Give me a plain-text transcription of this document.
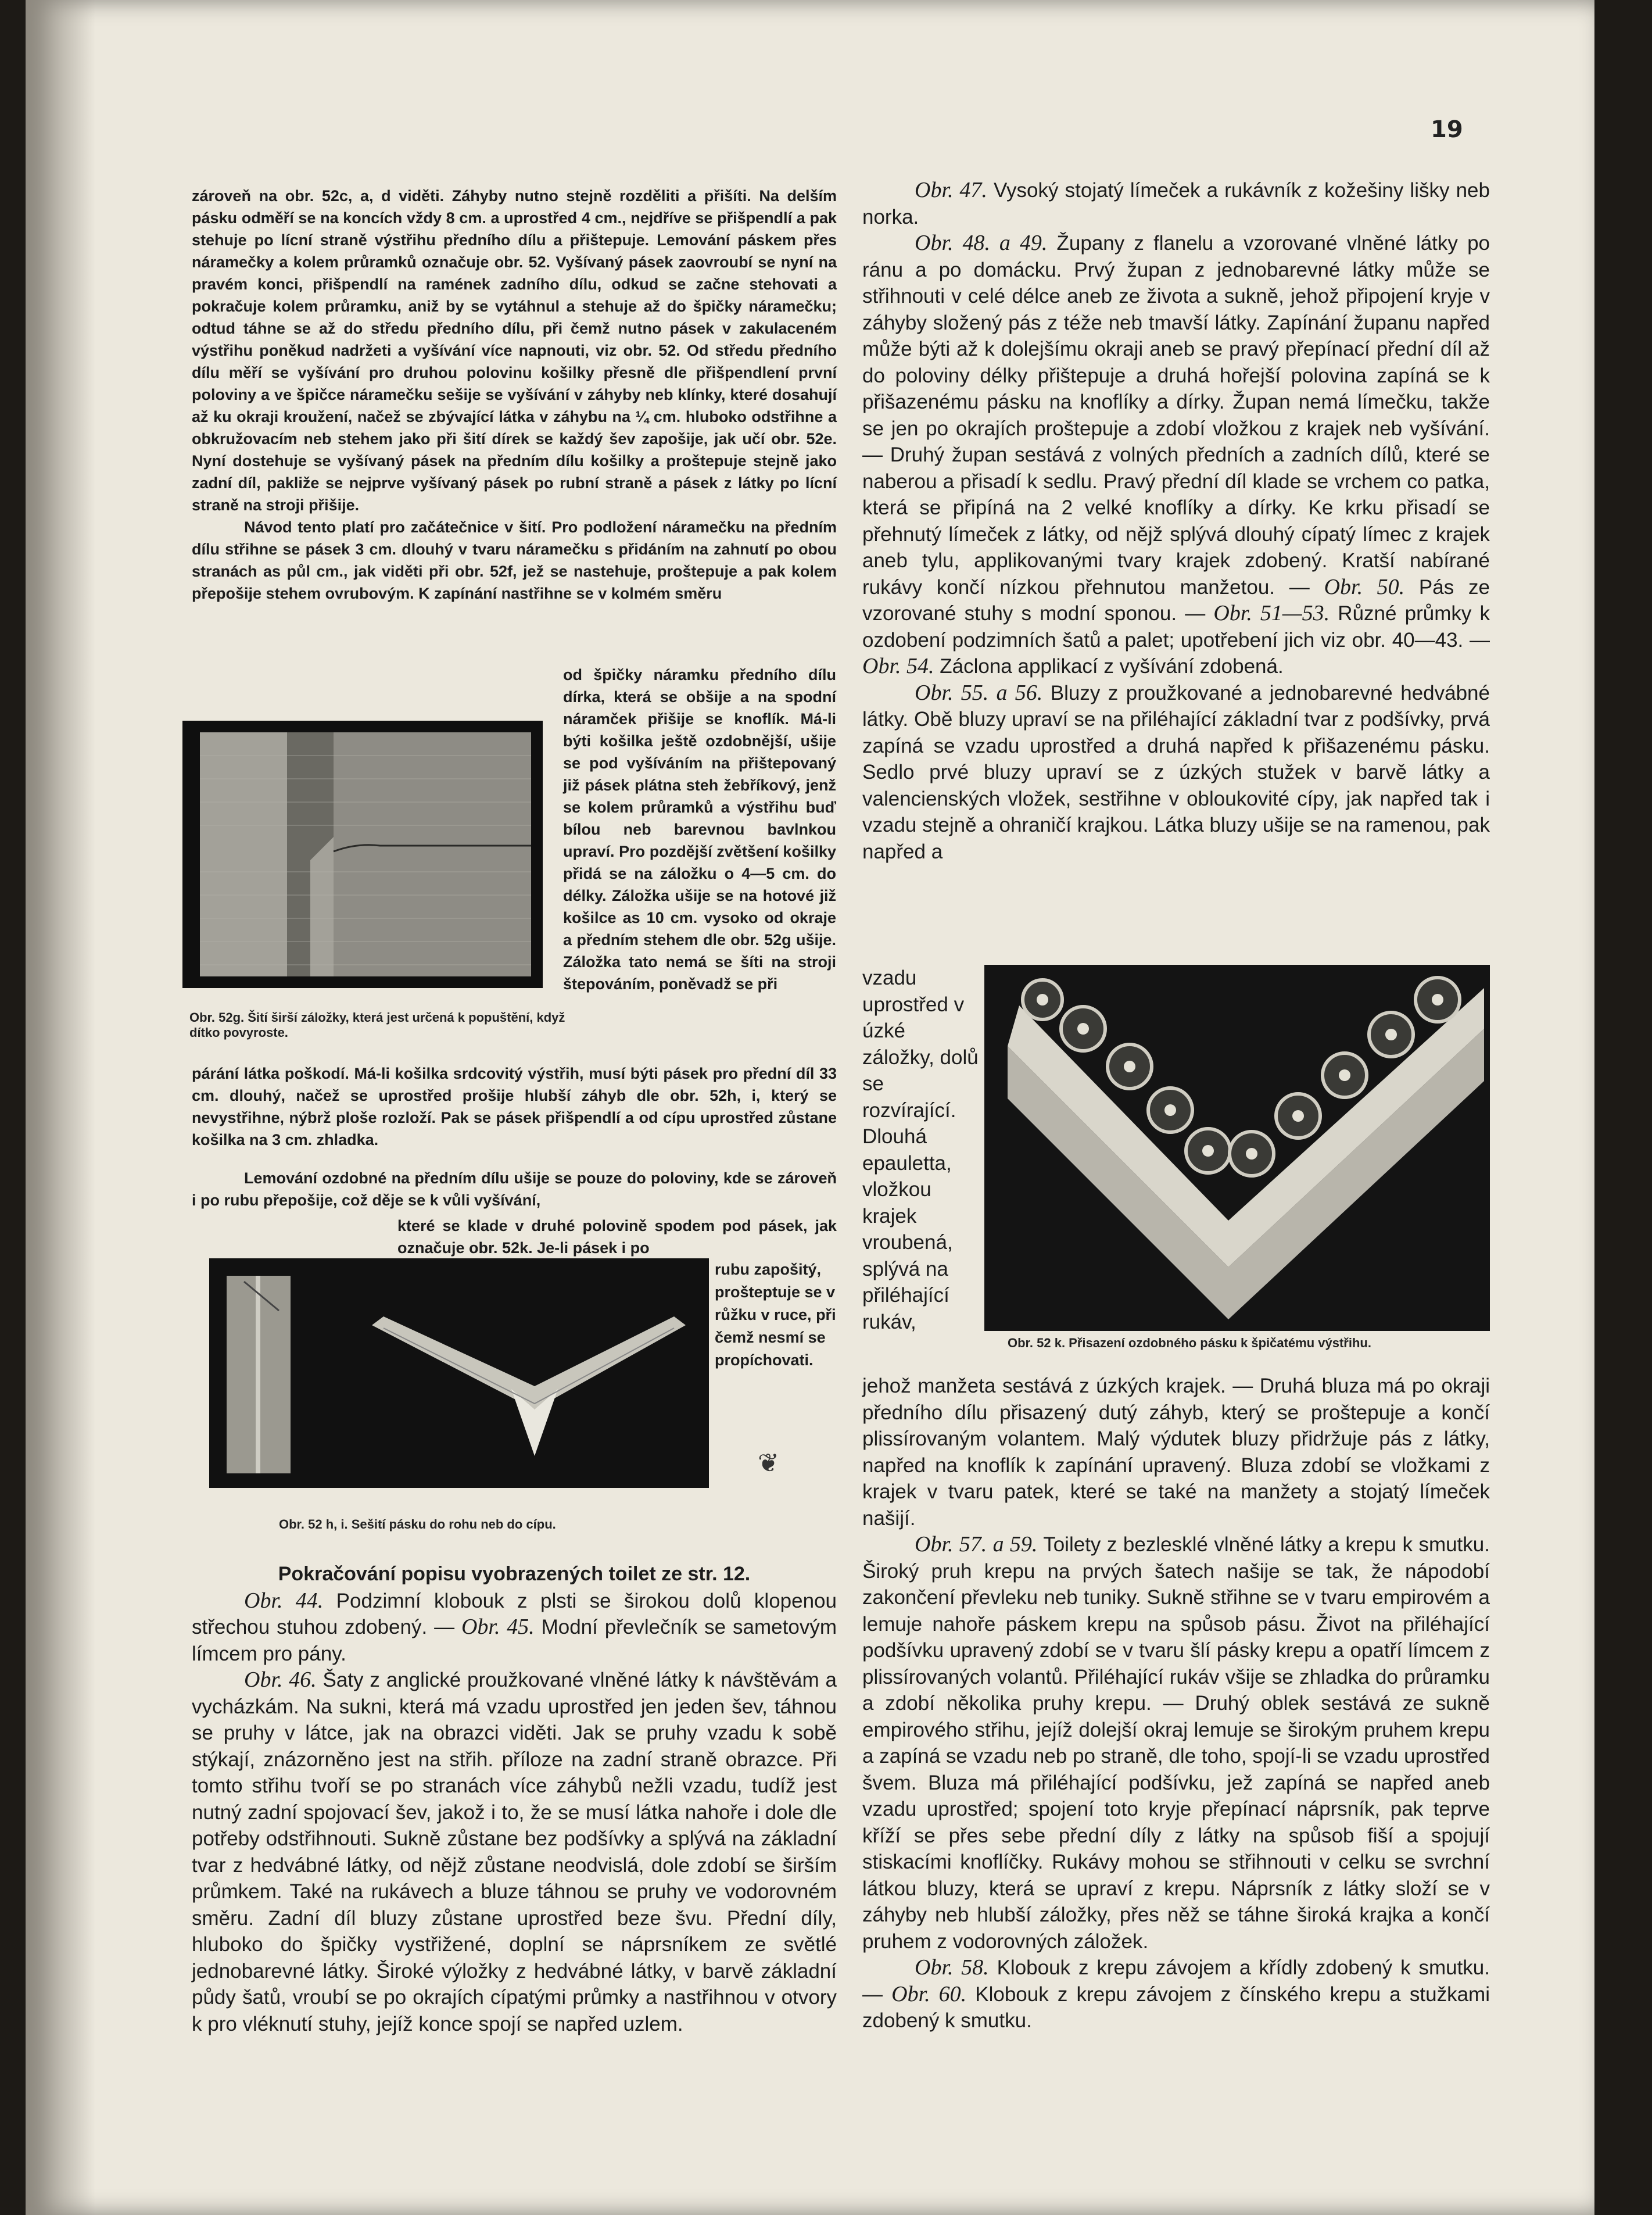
19

zároveň na obr. 52c, a, d viděti. Záhyby nutno stejně rozděliti a přišíti. Na delším pásku odměří se na koncích vždy 8 cm. a uprostřed 4 cm., nejdříve se přišpendlí a pak stehuje po lícní straně výstřihu předního dílu a přištepuje. Lemování páskem přes náramečky a kolem průramků označuje obr. 52. Vyšívaný pásek zaovroubí se nyní na pravém konci, přišpendlí na ramének zadního dílu, odkud se začne stehovati a pokračuje kolem průramku, aniž by se vytáhnul a stehuje až do špičky náramečku; odtud táhne se až do středu předního dílu, při čemž nutno pásek v zakulaceném výstřihu poněkud nadržeti a vyšívání více napnouti, viz obr. 52. Od středu předního dílu měří se vyšívání pro druhou polovinu košilky přesně dle přišpendlení první poloviny a ve špičce náramečku sešije se vyšívání v záhyby neb klínky, které dosahují až ku okraji kroužení, načež se zbývající látka v záhybu na ¼ cm. hluboko odstřihne a obkružovacím neb stehem jako při šití dírek se každý šev zapošije, jak učí obr. 52e. Nyní dostehuje se vyšívaný pásek na předním dílu košilky a proštepuje stejně jako zadní díl, pakliže se nejprve vyšívaný pásek po rubní straně a pásek z látky po lícní straně na stroji přišije.

Návod tento platí pro začátečnice v šití. Pro podložení náramečku na předním dílu střihne se pásek 3 cm. dlouhý v tvaru náramečku s přidáním na zahnutí po obou stranách as půl cm., jak viděti při obr. 52f, jež se nastehuje, proštepuje a pak kolem přepošije stehem ovrubovým. K zapínání nastřihne se v kolmém směru

Obr. 52g. Šití širší záložky, která jest určená k popuštění, když dítko povyroste.
od špičky náramku předního dílu dírka, která se obšije a na spodní náramček přišije se knoflík. Má-li býti košilka ještě ozdobnější, ušije se pod vyšíváním na přištepovaný již pásek plátna steh žebříkový, jenž se kolem průramků a výstřihu buď bílou neb barevnou bavlnkou upraví. Pro pozdější zvětšení košilky přidá se na záložku o 4—5 cm. do délky. Záložka ušije se na hotové již košilce as 10 cm. vysoko od okraje a předním stehem dle obr. 52g ušije. Záložka tato nemá se šíti na stroji štepováním, poněvadž se při

párání látka poškodí. Má-li košilka srdcovitý výstřih, musí býti pásek pro přední díl 33 cm. dlouhý, načež se uprostřed prošije hlubší záhyb dle obr. 52h, i, který se nevystřihne, nýbrž ploše rozloží. Pak se pásek přišpendlí a od cípu uprostřed zůstane košilka na 3 cm. zhladka.

Lemování ozdobné na předním dílu ušije se pouze do poloviny, kde se zároveň i po rubu přepošije, což děje se k vůli vyšívání,

které se klade v druhé polovině spodem pod pásek, jak označuje obr. 52k. Je-li pásek i po
rubu zapošitý, prošteptuje se v růžku v ruce, při čemž nesmí se propíchovati.
❦
Obr. 52 h, i. Sešití pásku do rohu neb do cípu.

Pokračování popisu vyobrazených toilet ze str. 12.

Obr. 44. Podzimní klobouk z plsti se širokou dolů klopenou střechou stuhou zdobený. — Obr. 45. Modní převlečník se sametovým límcem pro pány.

Obr. 46. Šaty z anglické proužkované vlněné látky k návštěvám a vycházkám. Na sukni, která má vzadu uprostřed jen jeden šev, táhnou se pruhy v látce, jak na obrazci viděti. Jak se pruhy vzadu k sobě stýkají, znázorněno jest na střih. příloze na zadní straně obrazce. Při tomto střihu tvoří se po stranách více záhybů nežli vzadu, tudíž jest nutný zadní spojovací šev, jakož i to, že se musí látka nahoře i dole dle potřeby odstřihnouti. Sukně zůstane bez podšívky a splývá na základní tvar z hedvábné látky, od nějž zůstane neodvislá, dole zdobí se širším průmkem. Také na rukávech a bluze táhnou se pruhy ve vodorovném směru. Zadní díl bluzy zůstane uprostřed beze švu. Přední díly, hluboko do špičky vystřižené, doplní se náprsníkem ze světlé jednobarevné látky. Široké výložky z hedvábné látky, v barvě základní půdy šatů, vroubí se po okrajích cípatými průmky a nastřihnou v otvory k pro vléknutí stuhy, jejíž konce spojí se napřed uzlem.

Obr. 47. Vysoký stojatý límeček a rukávník z kožešiny lišky neb norka.

Obr. 48. a 49. Župany z flanelu a vzorované vlněné látky po ránu a po domácku. Prvý župan z jednobarevné látky může se střihnouti v celé délce aneb ze života a sukně, jehož připojení kryje v záhyby složený pás z téže neb tmavší látky. Zapínání županu napřed může býti až k dolejšímu okraji aneb se pravý přepínací přední díl až do poloviny délky přištepuje a druhá hořejší polovina zapíná se k přišazenému pásku na knoflíky a dírky. Župan nemá límečku, takže se jen po okrajích proštepuje a zdobí vložkou z krajek neb vyšívání. — Druhý župan sestává z volných předních a zadních dílů, které se naberou a přisadí k sedlu. Pravý přední díl klade se vrchem co patka, která se připíná na 2 velké knoflíky a dírky. Ke krku přisadí se přehnutý límeček z látky, od nějž splývá dlouhý cípatý límec z krajek aneb tylu, applikovanými tvary krajek zdobený. Kratší nabírané rukávy končí nízkou přehnutou manžetou. — Obr. 50. Pás ze vzorované stuhy s modní sponou. — Obr. 51—53. Různé průmky k ozdobení podzimních šatů a palet; upotřebení jich viz obr. 40—43. — Obr. 54. Záclona applikací z vyšívání zdobená.

Obr. 55. a 56. Bluzy z proužkované a jednobarevné hedvábné látky. Obě bluzy upraví se na přiléhající základní tvar z podšívky, prvá zapíná se vzadu uprostřed a druhá napřed k přišazenému pásku. Sedlo prvé bluzy upraví se z úzkých stužek v barvě látky a valencienských vložek, sestřihne v obloukovité cípy, jak napřed tak i vzadu stejně a ohraničí krajkou. Látka bluzy ušije se na ramenou, pak napřed a

Obr. 52 k. Přisazení ozdobného pásku k špičatému výstřihu.
vzadu uprostřed v úzké záložky, dolů se rozvírající. Dlouhá epauletta, vložkou krajek vroubená, splývá na přiléhající rukáv,

jehož manžeta sestává z úzkých krajek. — Druhá bluza má po okraji předního dílu přisazený dutý záhyb, který se proštepuje a končí plissírovaným volantem. Malý výdutek bluzy přidržuje pás z látky, napřed na knoflík k zapínání upravený. Bluza zdobí se vložkami z krajek v tvaru patek, které se také na manžety a stojatý límeček našijí.

Obr. 57. a 59. Toilety z bezlesklé vlněné látky a krepu k smutku. Široký pruh krepu na prvých šatech našije se tak, že nápodobí zakončení převleku neb tuniky. Sukně střihne se v tvaru empirovém a lemuje nahoře páskem krepu na spůsob pásu. Život na přiléhající podšívku upravený zdobí se v tvaru šlí pásky krepu a opatří límcem z plissírovaných volantů. Přiléhající rukáv všije se zhladka do průramku a zdobí několika pruhy krepu. — Druhý oblek sestává ze sukně empirového střihu, jejíž dolejší okraj lemuje se širokým pruhem krepu a zapíná se vzadu neb po straně, dle toho, spojí-li se vzadu uprostřed švem. Bluza má přiléhající podšívku, jež zapíná se napřed aneb vzadu uprostřed; spojení toto kryje přepínací náprsník, pak teprve kříží se přes sebe přední díly z látky na spůsob fiší a spojují stiskacími knoflíčky. Rukávy mohou se střihnouti v celku se svrchní látkou bluzy, která se upraví z krepu. Náprsník z látky složí se v záhyby neb hlubší záložky, přes něž se táhne široká krajka a končí pruhem z vodorovných záložek.

Obr. 58. Klobouk z krepu závojem a křídly zdobený k smutku. — Obr. 60. Klobouk z krepu závojem z čínského krepu a stužkami zdobený k smutku.
